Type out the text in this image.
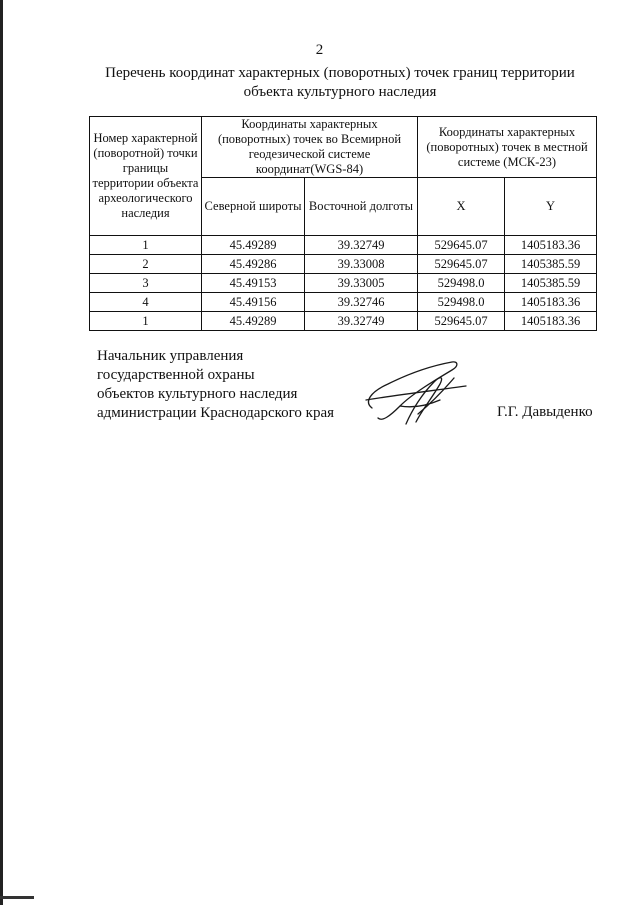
2
Перечень координат характерных (поворотных) точек границ территории
объекта культурного наследия
Номер характерной (поворотной) точки границы территории объекта археологического наследия	Координаты характерных (поворотных) точек во Всемирной геодезической системе координат(WGS-84)		Координаты характерных (поворотных) точек в местной системе (МСК-23)	
	Северной широты	Восточной долготы	X	Y
1	45.49289	39.32749	529645.07	1405183.36
2	45.49286	39.33008	529645.07	1405385.59
3	45.49153	39.33005	529498.0	1405385.59
4	45.49156	39.32746	529498.0	1405183.36
1	45.49289	39.32749	529645.07	1405183.36
Начальник управления
государственной охраны
объектов культурного наследия
администрации Краснодарского края	Г.Г. Давыденко
